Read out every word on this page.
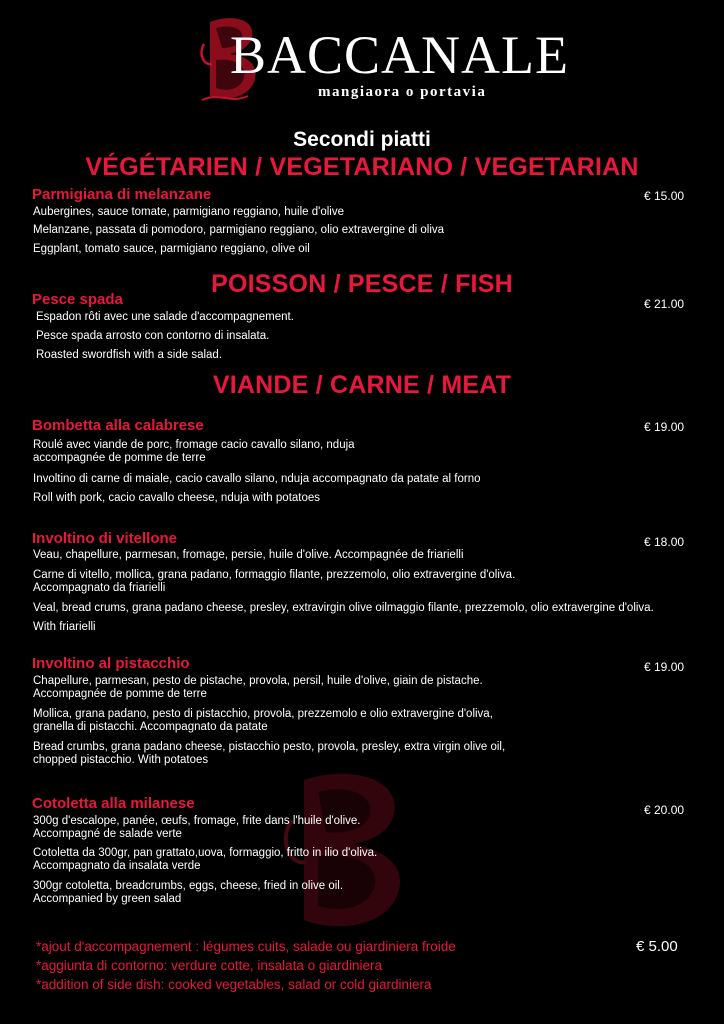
BACCANALE
mangiaora o portavia
Secondi piatti
VÉGÉTARIEN / VEGETARIANO / VEGETARIAN
Parmigiana di melanzane	€ 15.00
Aubergines, sauce tomate, parmigiano reggiano, huile d'olive
Melanzane, passata di pomodoro, parmigiano reggiano, olio extravergine di oliva
Eggplant, tomato sauce, parmigiano reggiano, olive oil
POISSON / PESCE / FISH
Pesce spada	€ 21.00
Espadon rôti avec une salade d'accompagnement.
Pesce spada arrosto con contorno di insalata.
Roasted swordfish with a side salad.
VIANDE / CARNE / MEAT
Bombetta alla calabrese	€ 19.00
Roulé avec viande de porc, fromage cacio cavallo silano, nduja
accompagnée de pomme de terre
Involtino di carne di maiale, cacio cavallo silano, nduja accompagnato da patate al forno
Roll with pork, cacio cavallo cheese, nduja with potatoes
Involtino di vitellone	€ 18.00
Veau, chapellure, parmesan, fromage, persie, huile d'olive. Accompagnée de friarielli
Carne di vitello, mollica, grana padano, formaggio filante, prezzemolo, olio extravergine d'oliva.
Accompagnato da friarielli
Veal, bread crums, grana padano cheese, presley, extravirgin olive oilmaggio filante, prezzemolo, olio extravergine d'oliva.
With friarielli
Involtino al pistacchio	€ 19.00
Chapellure, parmesan, pesto de pistache, provola, persil, huile d'olive, giain de pistache.
Accompagnée de pomme de terre
Mollica, grana padano, pesto di pistacchio, provola, prezzemolo e olio extravergine d'oliva,
granella di pistacchi. Accompagnato da patate
Bread crumbs, grana padano cheese, pistacchio pesto, provola, presley, extra virgin olive oil,
chopped pistacchio. With potatoes
Cotoletta alla milanese	€ 20.00
300g d'escalope, panée, œufs, fromage, frite dans l'huile d'olive.
Accompagné de salade verte
Cotoletta da 300gr, pan grattato,uova, formaggio, fritto in ilio d'oliva.
Accompagnato da insalata verde
300gr cotoletta, breadcrumbs, eggs, cheese, fried in olive oil.
Accompanied by green salad
*ajout d'accompagnement : légumes cuits, salade ou giardiniera froide
*aggiunta di contorno: verdure cotte, insalata o giardiniera
*addition of side dish: cooked vegetables, salad or cold giardiniera
€ 5.00
